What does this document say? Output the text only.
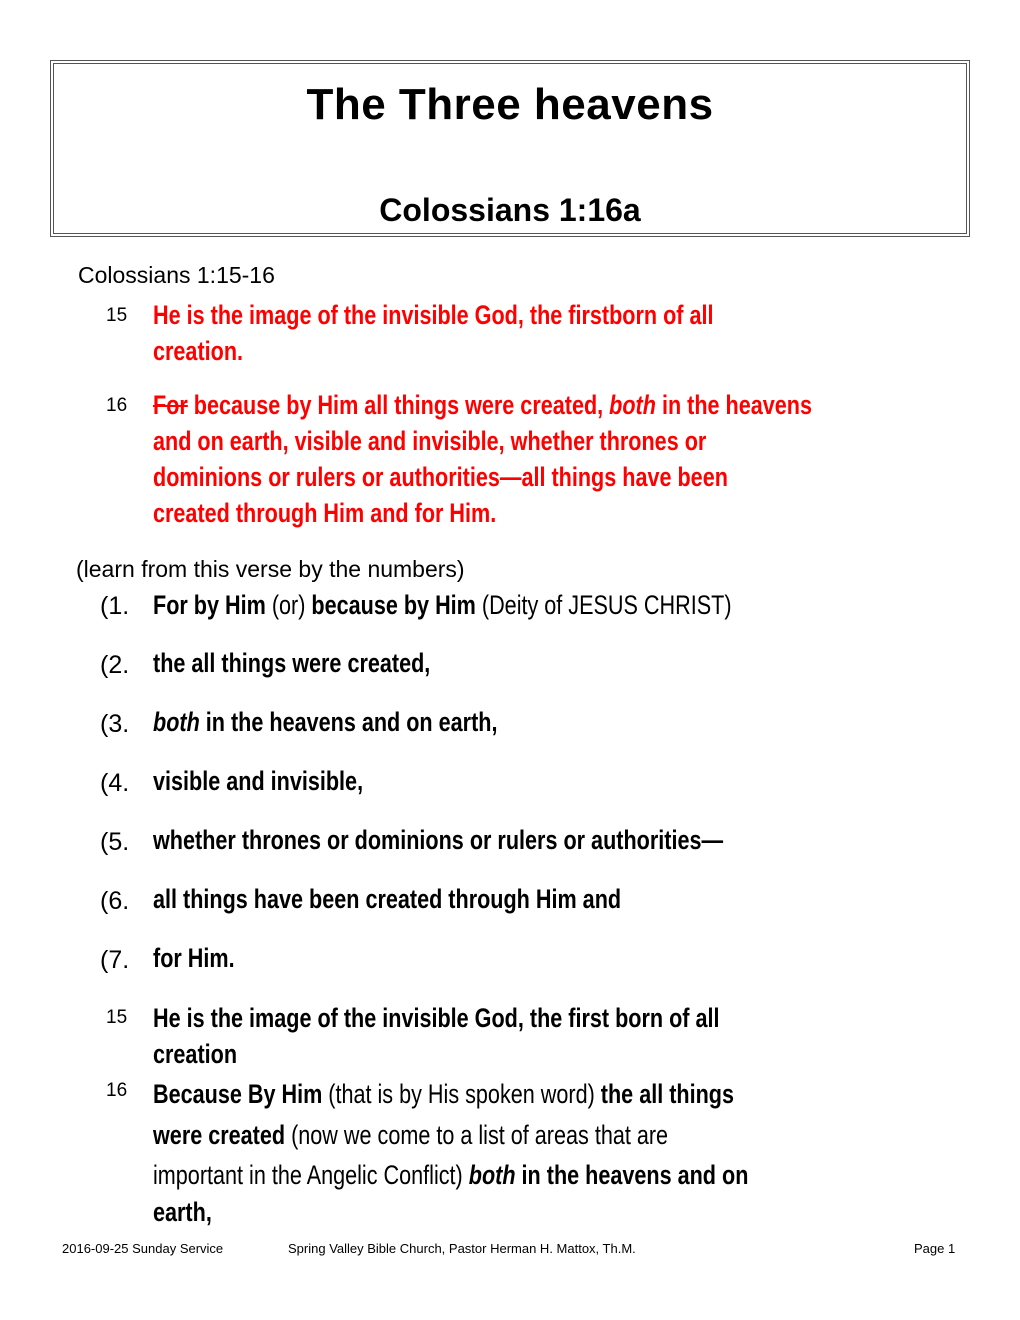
The Three heavens
Colossians 1:16a
Colossians 1:15-16
15 He is the image of the invisible God, the firstborn of all
creation.
16 For because by Him all things were created, both in the heavens
and on earth, visible and invisible, whether thrones or
dominions or rulers or authorities—all things have been
created through Him and for Him.
(learn from this verse by the numbers)
(1. For by Him (or) because by Him (Deity of JESUS CHRIST)
(2. the all things were created,
(3. both in the heavens and on earth,
(4. visible and invisible,
(5. whether thrones or dominions or rulers or authorities—
(6. all things have been created through Him and
(7. for Him.
15 He is the image of the invisible God, the first born of all
creation
16 Because By Him (that is by His spoken word) the all things
were created (now we come to a list of areas that are
important in the Angelic Conflict) both in the heavens and on
earth,
2016-09-25 Sunday Service	Spring Valley Bible Church, Pastor Herman H. Mattox, Th.M.	Page 1
